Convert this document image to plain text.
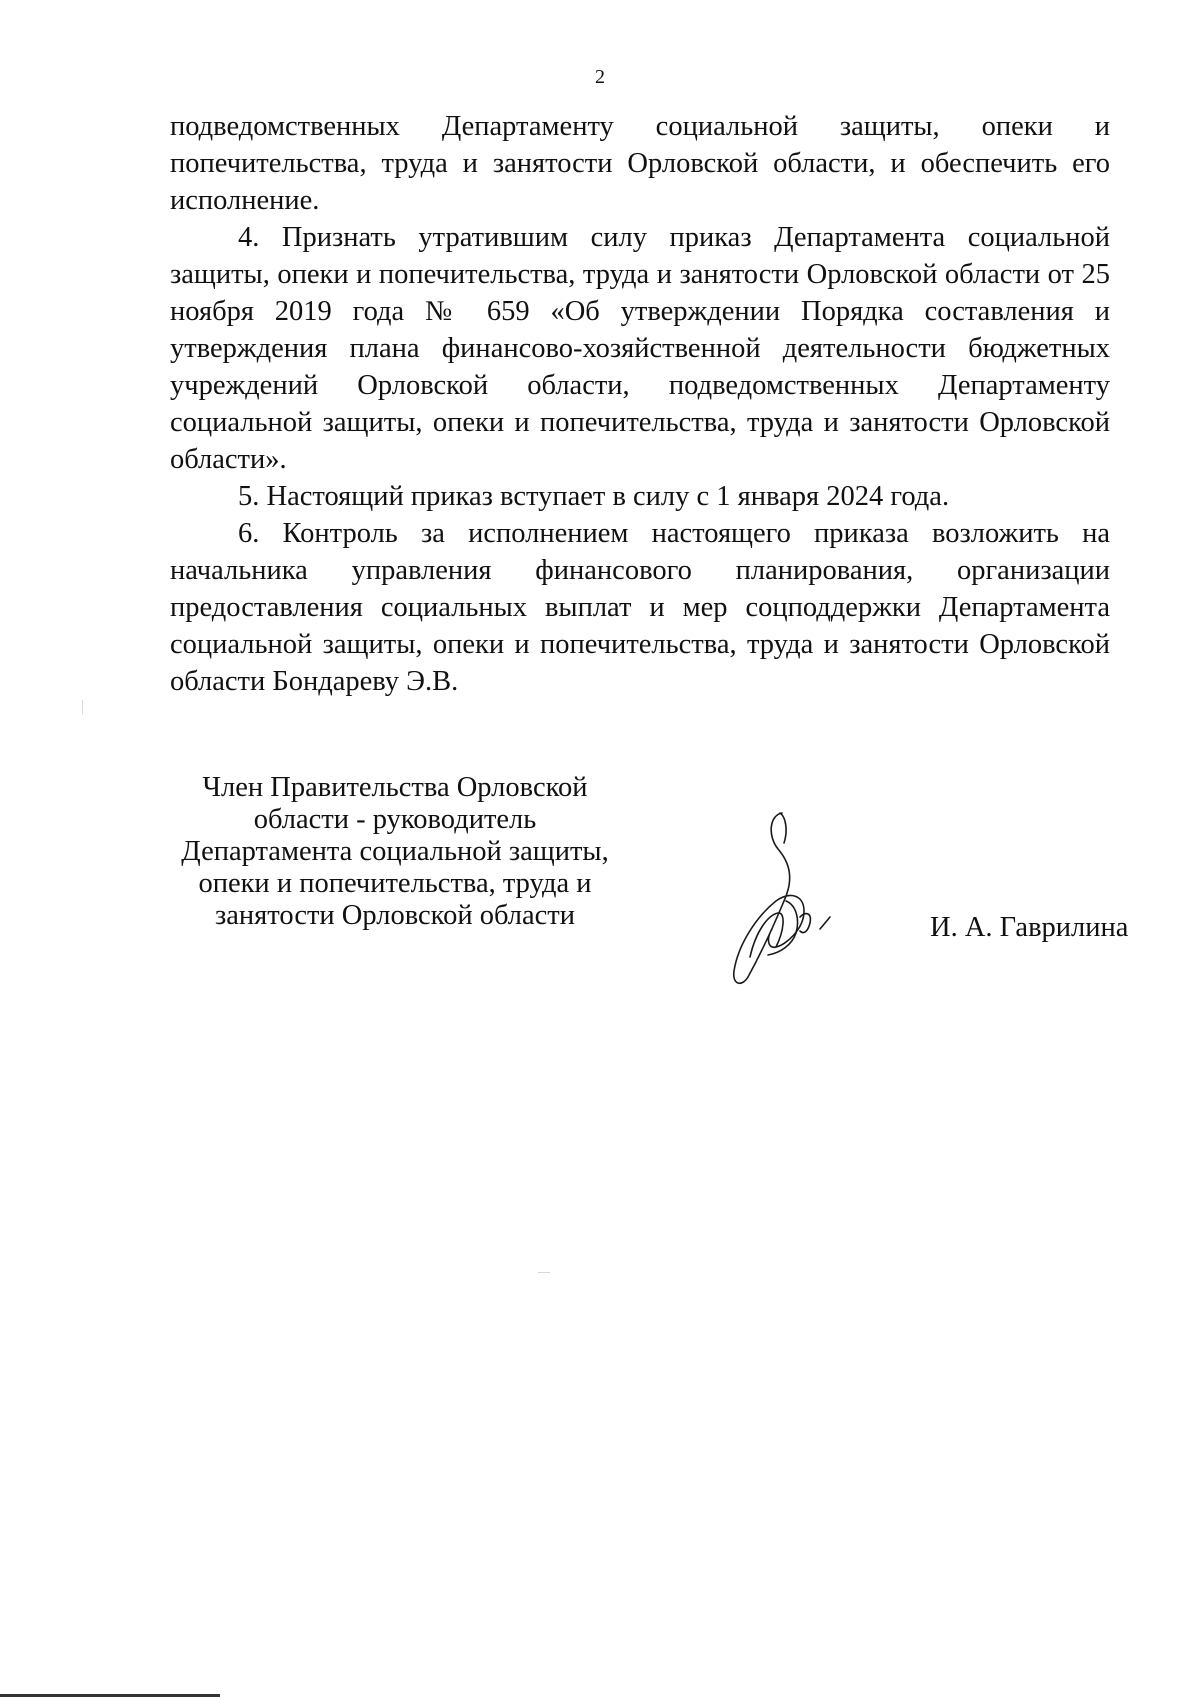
2

подведомственных Департаменту социальной защиты, опеки и попечительства, труда и занятости Орловской области, и обеспечить его исполнение.

4. Признать утратившим силу приказ Департамента социальной защиты, опеки и попечительства, труда и занятости Орловской области от 25 ноября 2019 года № 659 «Об утверждении Порядка составления и утверждения плана финансово-хозяйственной деятельности бюджетных учреждений Орловской области, подведомственных Департаменту социальной защиты, опеки и попечительства, труда и занятости Орловской области».

5. Настоящий приказ вступает в силу с 1 января 2024 года.

6. Контроль за исполнением настоящего приказа возложить на начальника управления финансового планирования, организации предоставления социальных выплат и мер соцподдержки Департамента социальной защиты, опеки и попечительства, труда и занятости Орловской области Бондареву Э.В.

Член Правительства Орловской
области - руководитель
Департамента социальной защиты,
опеки и попечительства, труда и
занятости Орловской области	И. А. Гаврилина
